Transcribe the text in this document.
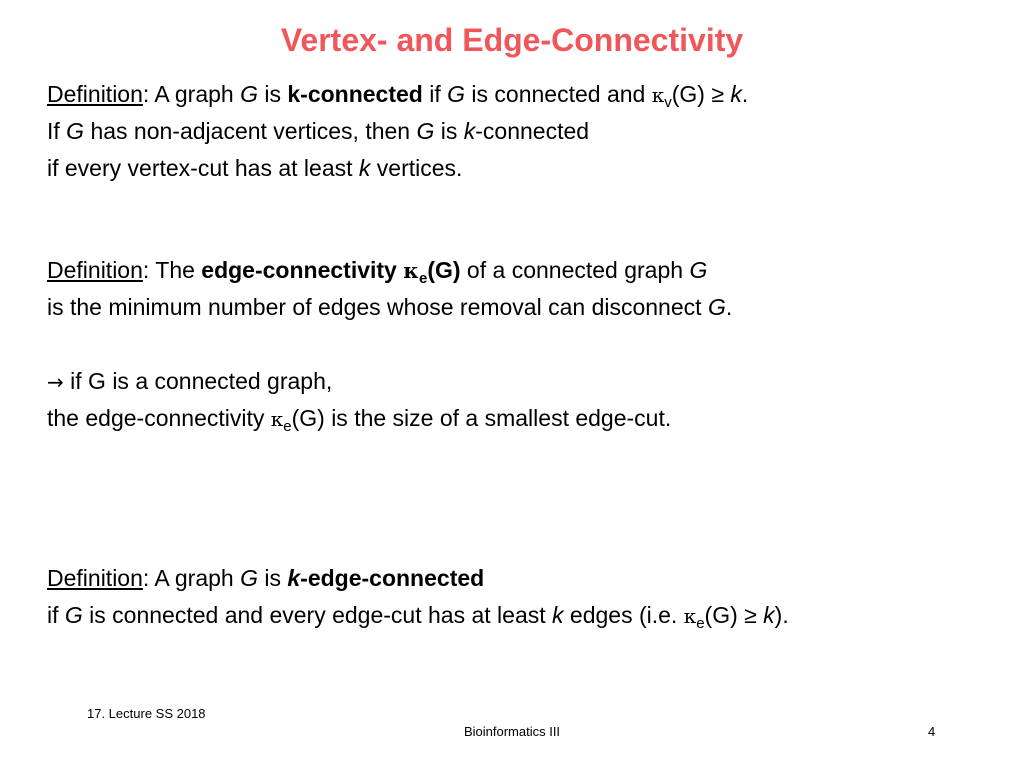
Vertex- and Edge-Connectivity
Definition: A graph G is k-connected if G is connected and $\kappa_v(G) \ge k$.
If G has non-adjacent vertices, then G is k-connected
if every vertex-cut has at least k vertices.
Definition: The edge-connectivity $\kappa_e(G)$ of a connected graph G
is the minimum number of edges whose removal can disconnect G.
→ if G is a connected graph,
the edge-connectivity $\kappa_e(G)$ is the size of a smallest edge-cut.
Definition: A graph G is k-edge-connected
if G is connected and every edge-cut has at least k edges (i.e. $\kappa_e(G) \ge k$).
17. Lecture SS 2018
Bioinformatics III	4
